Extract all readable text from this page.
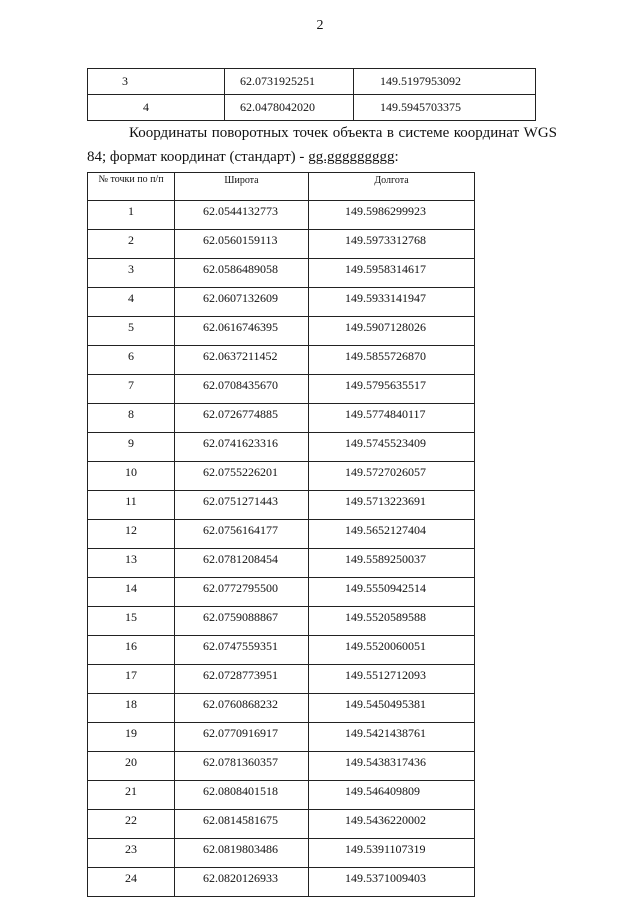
2
3	62.0731925251	149.5197953092
4	62.0478042020	149.5945703375
Координаты поворотных точек объекта в системе координат WGS
84; формат координат (стандарт) - gg.ggggggggg:
№ точки по п/п	Широта	Долгота
1	62.0544132773	149.5986299923
2	62.0560159113	149.5973312768
3	62.0586489058	149.5958314617
4	62.0607132609	149.5933141947
5	62.0616746395	149.5907128026
6	62.0637211452	149.5855726870
7	62.0708435670	149.5795635517
8	62.0726774885	149.5774840117
9	62.0741623316	149.5745523409
10	62.0755226201	149.5727026057
11	62.0751271443	149.5713223691
12	62.0756164177	149.5652127404
13	62.0781208454	149.5589250037
14	62.0772795500	149.5550942514
15	62.0759088867	149.5520589588
16	62.0747559351	149.5520060051
17	62.0728773951	149.5512712093
18	62.0760868232	149.5450495381
19	62.0770916917	149.5421438761
20	62.0781360357	149.5438317436
21	62.0808401518	149.546409809
22	62.0814581675	149.5436220002
23	62.0819803486	149.5391107319
24	62.0820126933	149.5371009403
